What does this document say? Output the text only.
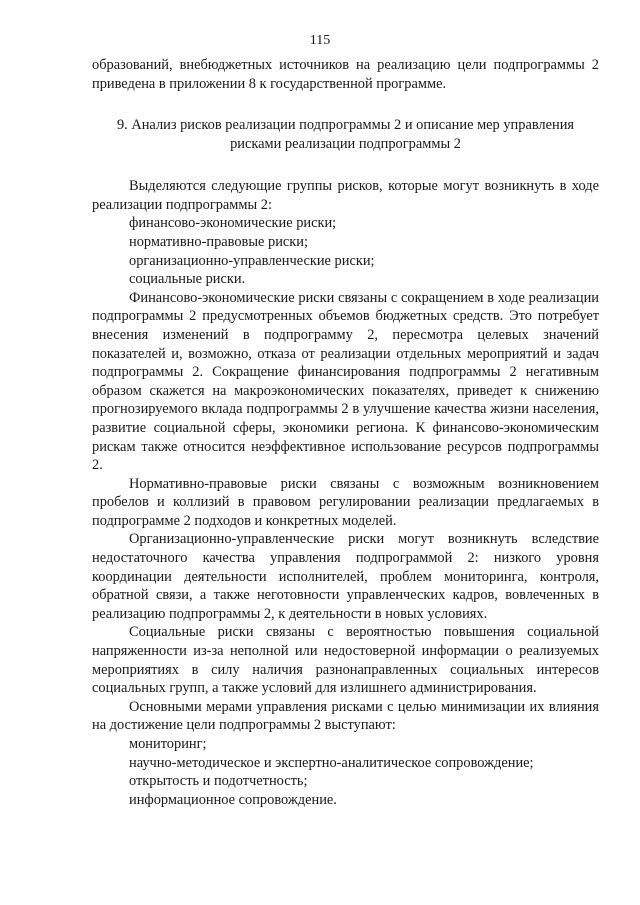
115

образований, внебюджетных источников на реализацию цели подпрограммы 2 приведена в приложении 8 к государственной программе.

9. Анализ рисков реализации подпрограммы 2 и описание мер управления
рисками реализации подпрограммы 2

Выделяются следующие группы рисков, которые могут возникнуть в ходе реализации подпрограммы 2:

финансово-экономические риски;

нормативно-правовые риски;

организационно-управленческие риски;

социальные риски.

Финансово-экономические риски связаны с сокращением в ходе реализации подпрограммы 2 предусмотренных объемов бюджетных средств. Это потребует внесения изменений в подпрограмму 2, пересмотра целевых значений показателей и, возможно, отказа от реализации отдельных мероприятий и задач подпрограммы 2. Сокращение финансирования подпрограммы 2 негативным образом скажется на макроэкономических показателях, приведет к снижению прогнозируемого вклада подпрограммы 2 в улучшение качества жизни населения, развитие социальной сферы, экономики региона. К финансово-экономическим рискам также относится неэффективное использование ресурсов подпрограммы 2.

Нормативно-правовые риски связаны с возможным возникновением пробелов и коллизий в правовом регулировании реализации предлагаемых в подпрограмме 2 подходов и конкретных моделей.

Организационно-управленческие риски могут возникнуть вследствие недостаточного качества управления подпрограммой 2: низкого уровня координации деятельности исполнителей, проблем мониторинга, контроля, обратной связи, а также неготовности управленческих кадров, вовлеченных в реализацию подпрограммы 2, к деятельности в новых условиях.

Социальные риски связаны с вероятностью повышения социальной напряженности из-за неполной или недостоверной информации о реализуемых мероприятиях в силу наличия разнонаправленных социальных интересов социальных групп, а также условий для излишнего администрирования.

Основными мерами управления рисками с целью минимизации их влияния на достижение цели подпрограммы 2 выступают:

мониторинг;

научно-методическое и экспертно-аналитическое сопровождение;

открытость и подотчетность;

информационное сопровождение.
